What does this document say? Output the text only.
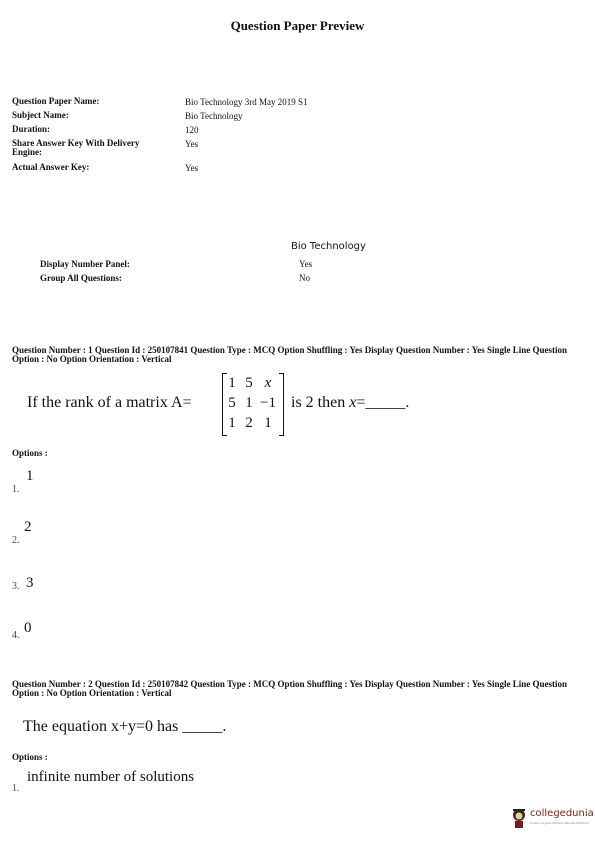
Question Paper Preview
Question Paper Name:	Bio Technology 3rd May 2019 S1
Subject Name:	Bio Technology
Duration:	120
Share Answer Key With Delivery Engine:
Yes
Actual Answer Key:	Yes
Bio Technology
Display Number Panel:	Yes
Group All Questions:	No
Question Number : 1 Question Id : 250107841 Question Type : MCQ Option Shuffling : Yes Display Question Number : Yes Single Line Question Option : No Option Orientation : Vertical
If the rank of a matrix A=
1 5 x
5 1 −1
1 2 1
is 2 then x=_____.
Options :
1.
1
2.
2
3. 3
4. 0
Question Number : 2 Question Id : 250107842 Question Type : MCQ Option Shuffling : Yes Display Question Number : Yes Single Line Question Option : No Option Orientation : Vertical
The equation x+y=0 has _____.
Options :
1.
infinite number of solutions
collegedunia
India's largest Student Review Platform
